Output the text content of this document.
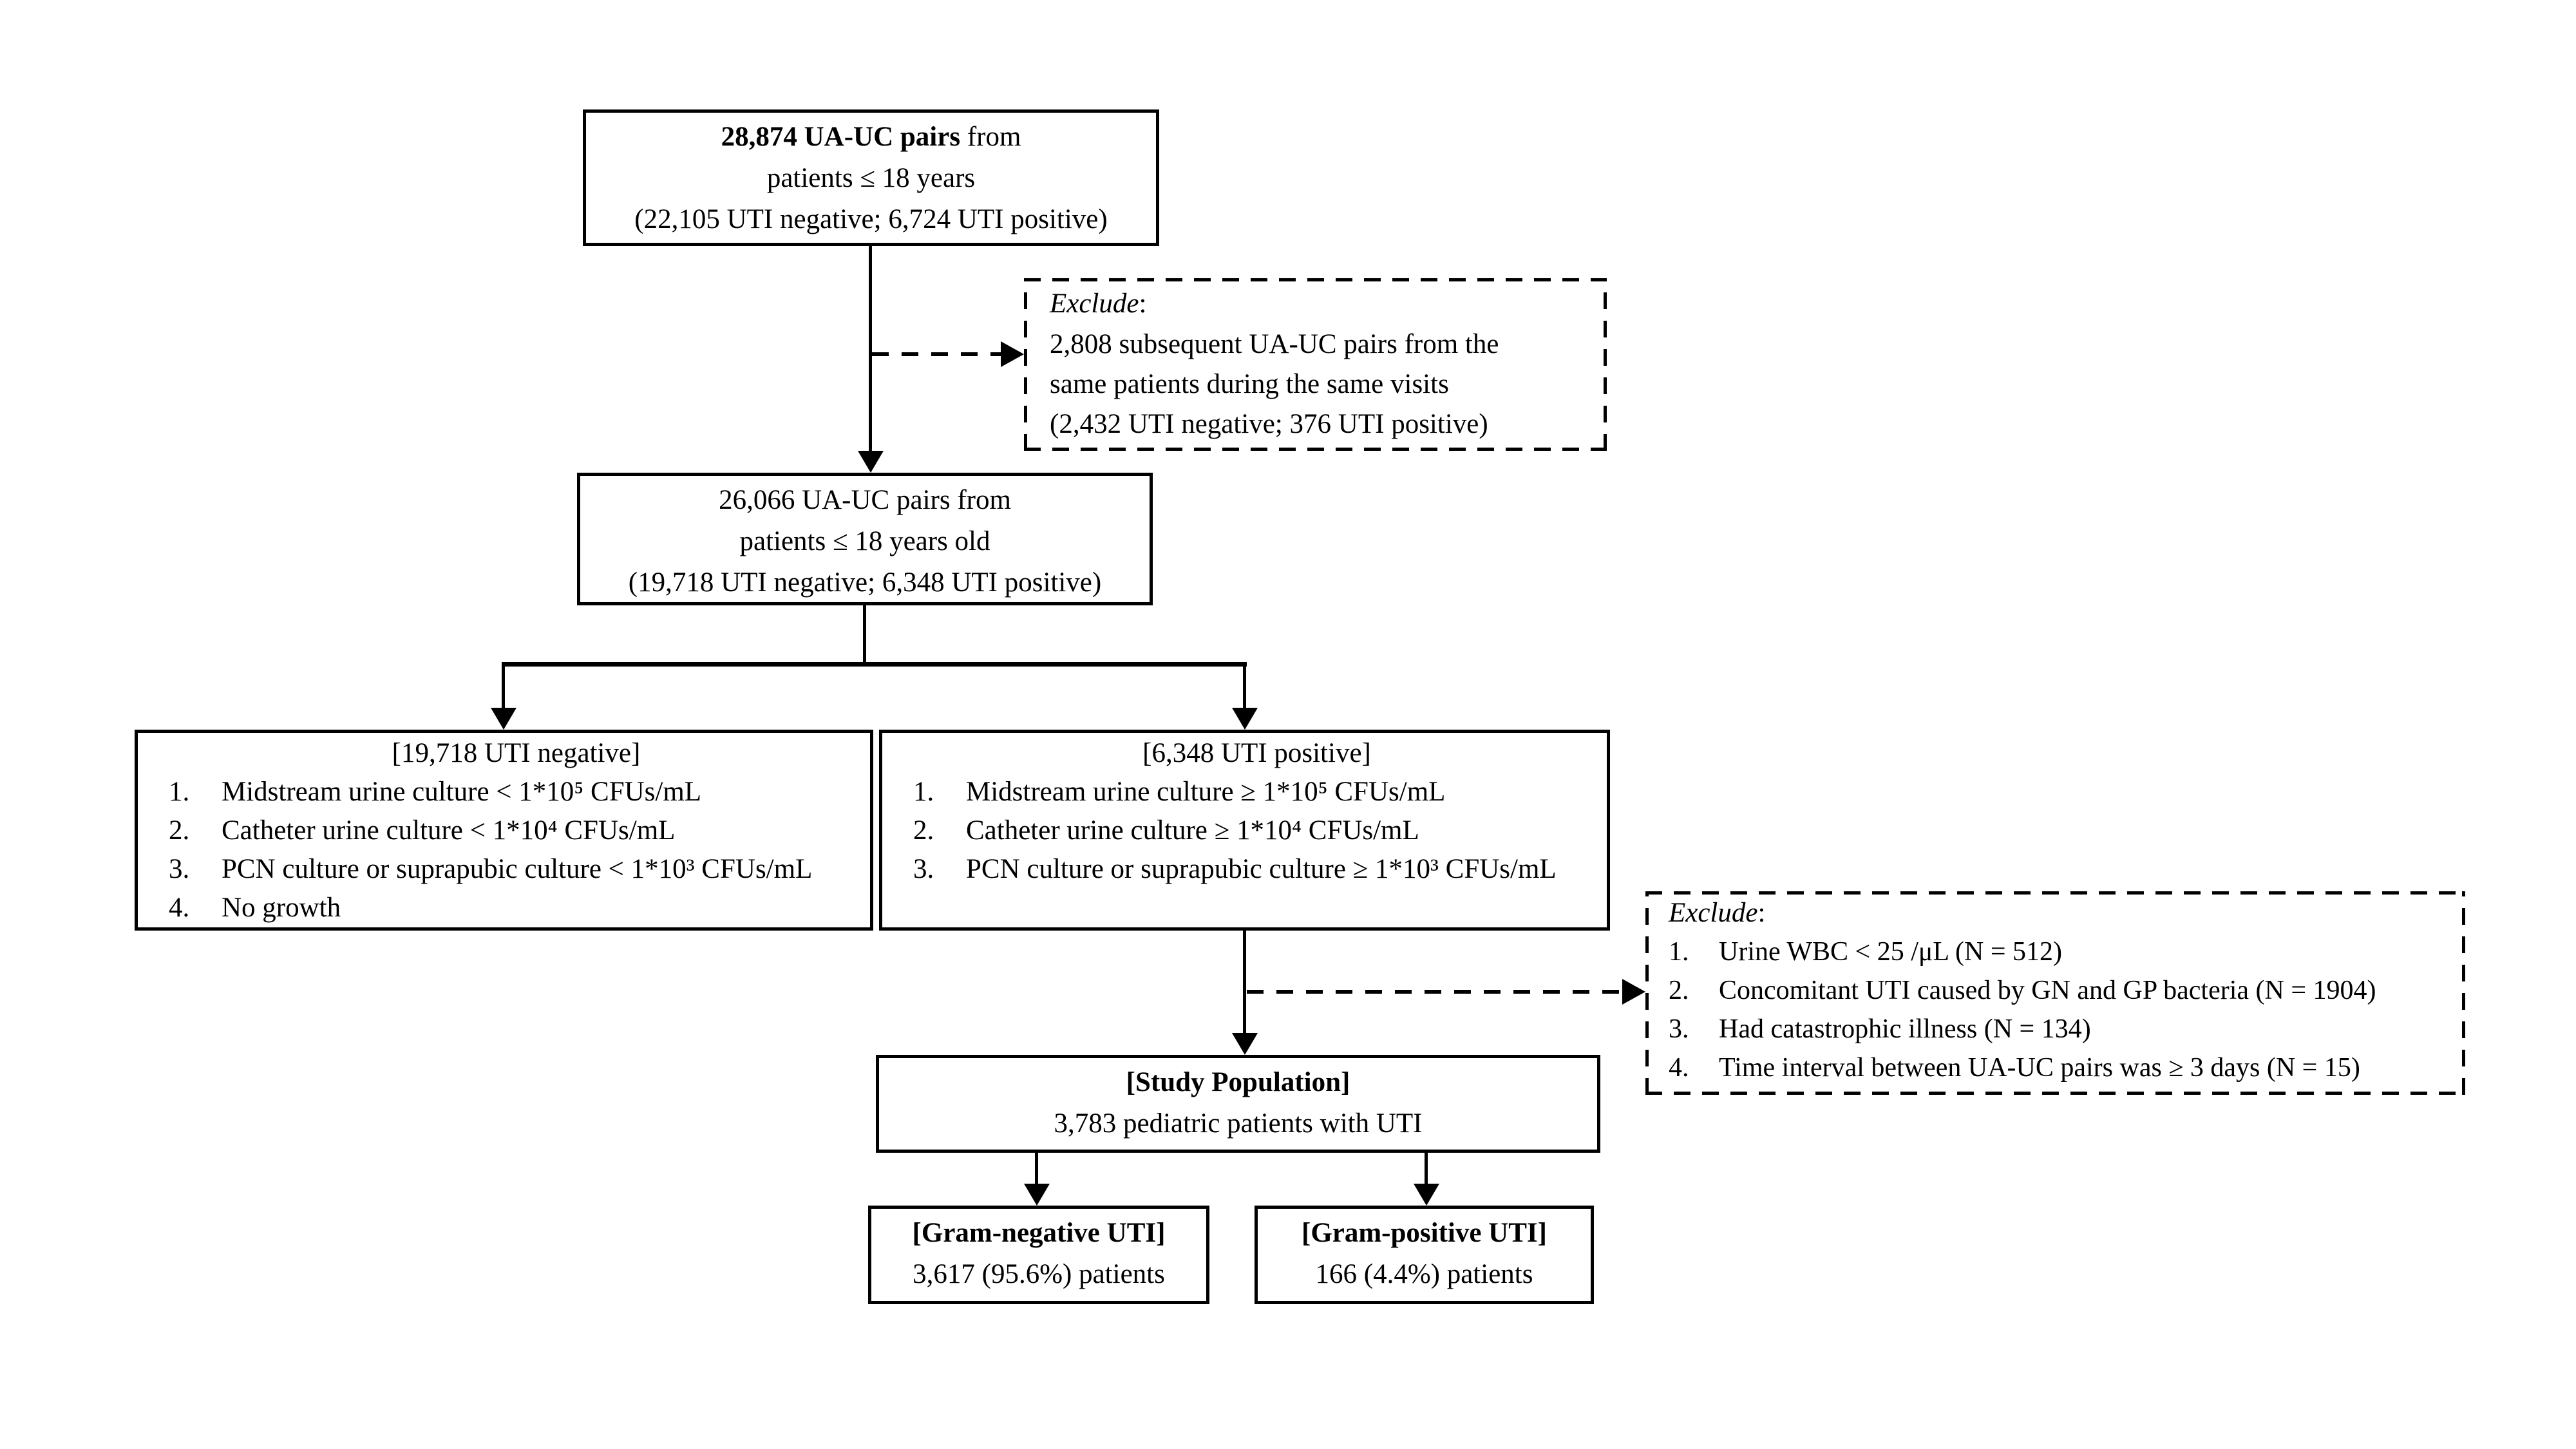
28,874 UA-UC pairs from
patients ≤ 18 years
(22,105 UTI negative; 6,724 UTI positive)
Exclude:
2,808 subsequent UA-UC pairs from the
same patients during the same visits
(2,432 UTI negative; 376 UTI positive)
26,066 UA-UC pairs from
patients ≤ 18 years old
(19,718 UTI negative; 6,348 UTI positive)
[19,718 UTI negative]
1.	Midstream urine culture < 1*10⁵ CFUs/mL
2.	Catheter urine culture < 1*10⁴ CFUs/mL
3.	PCN culture or suprapubic culture < 1*10³ CFUs/mL
4.	No growth
[6,348 UTI positive]
1.	Midstream urine culture ≥ 1*10⁵ CFUs/mL
2.	Catheter urine culture ≥ 1*10⁴ CFUs/mL
3.	PCN culture or suprapubic culture ≥ 1*10³ CFUs/mL
Exclude:
1.	Urine WBC < 25 /μL (N = 512)
2.	Concomitant UTI caused by GN and GP bacteria (N = 1904)
3.	Had catastrophic illness (N = 134)
4.	Time interval between UA-UC pairs was ≥ 3 days (N = 15)
[Study Population]
3,783 pediatric patients with UTI
[Gram-negative UTI]
3,617 (95.6%) patients
[Gram-positive UTI]
166 (4.4%) patients
